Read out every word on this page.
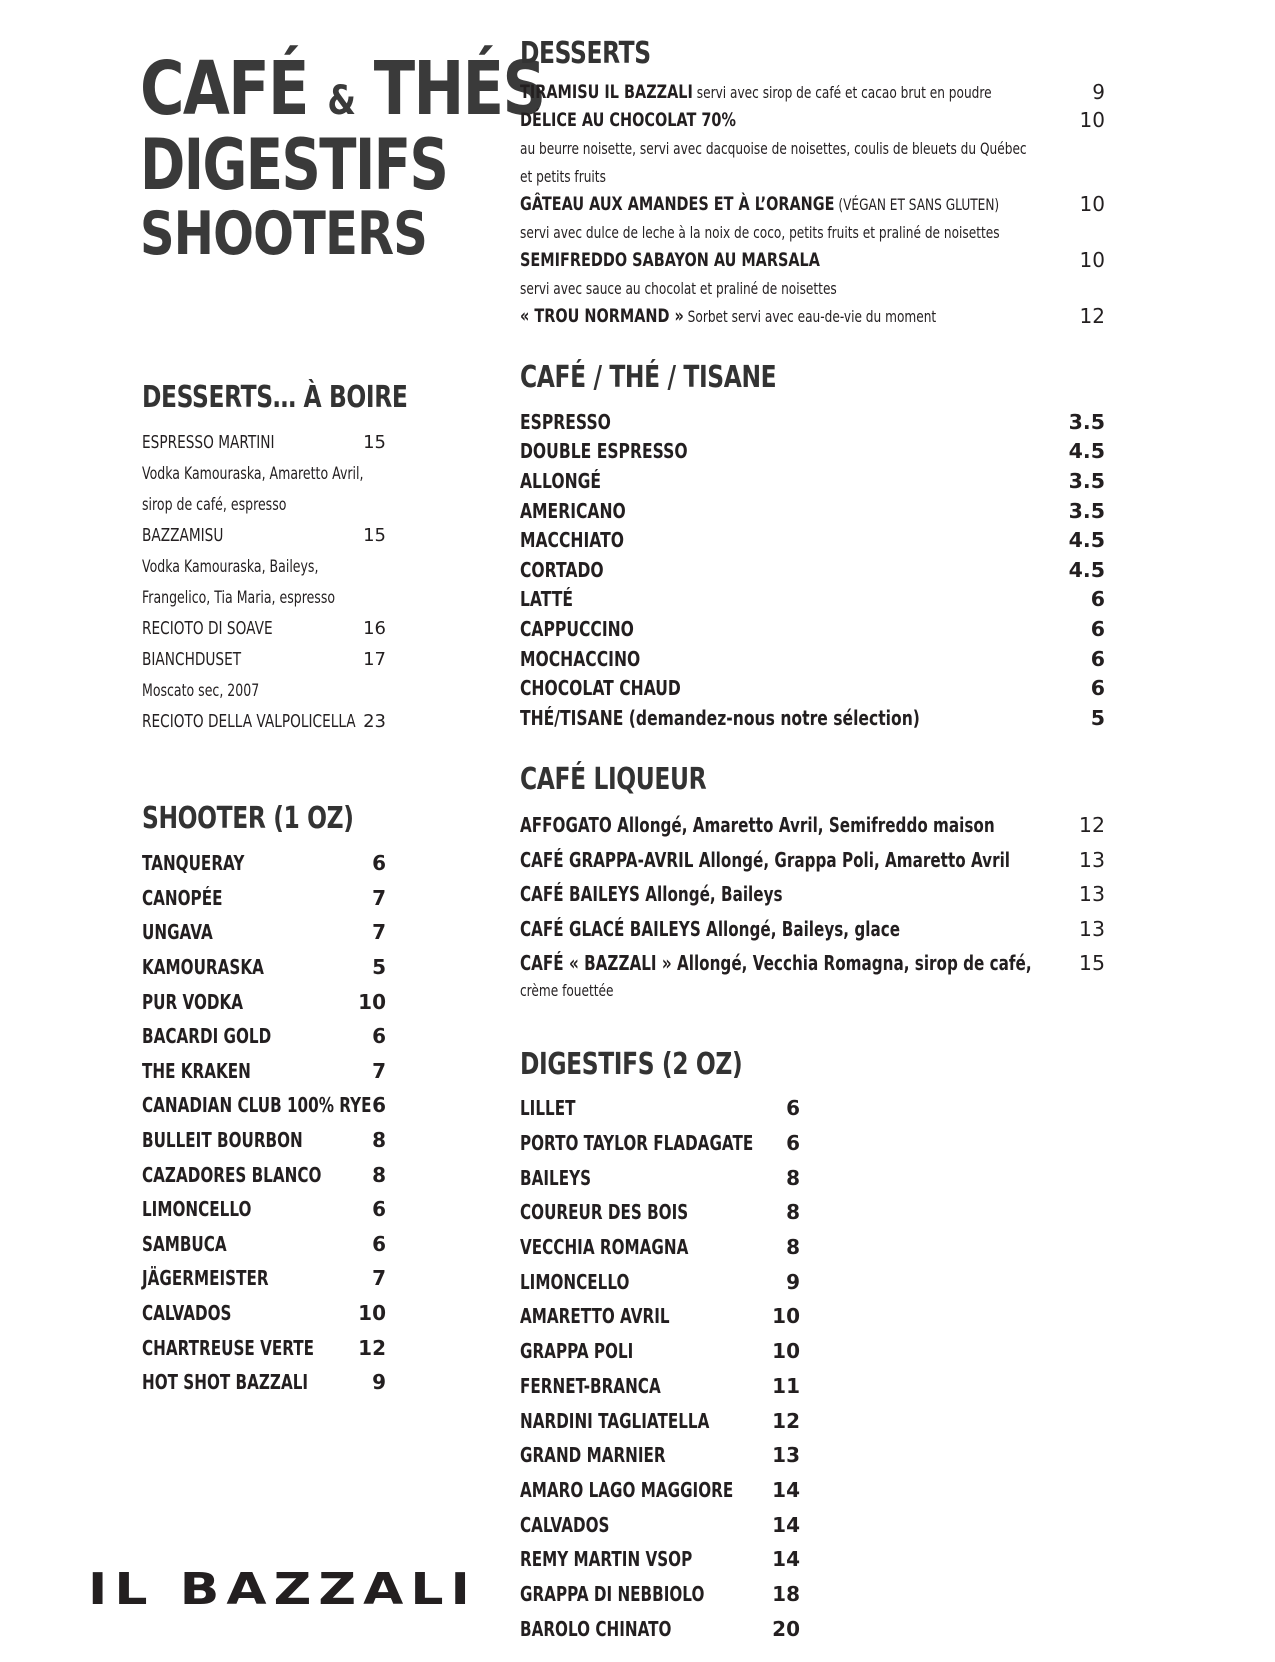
CAFÉ & THÉS
DIGESTIFS
SHOOTERS
DESSERTS… À BOIRE
ESPRESSO MARTINI	15
Vodka Kamouraska, Amaretto Avril,
sirop de café, espresso
BAZZAMISU	15
Vodka Kamouraska, Baileys,
Frangelico, Tia Maria, espresso
RECIOTO DI SOAVE	16
BIANCHDUSET	17
Moscato sec, 2007
RECIOTO DELLA VALPOLICELLA 23
SHOOTER (1 OZ)
TANQUERAY	6
CANOPÉE	7
UNGAVA	7
KAMOURASKA	5
PUR VODKA	10
BACARDI GOLD	6
THE KRAKEN	7
CANADIAN CLUB 100% RYE 6
BULLEIT BOURBON	8
CAZADORES BLANCO	8
LIMONCELLO	6
SAMBUCA	6
JÄGERMEISTER	7
CALVADOS	10
CHARTREUSE VERTE 12
HOT SHOT BAZZALI	9
DESSERTS
TIRAMISU IL BAZZALI servi avec sirop de café et cacao brut en poudre	9
DÉLICE AU CHOCOLAT 70%	10
au beurre noisette, servi avec dacquoise de noisettes, coulis de bleuets du Québec
et petits fruits
GÂTEAU AUX AMANDES ET À L’ORANGE (VÉGAN ET SANS GLUTEN)	10
servi avec dulce de leche à la noix de coco, petits fruits et praliné de noisettes
SEMIFREDDO SABAYON AU MARSALA	10
servi avec sauce au chocolat et praliné de noisettes
« TROU NORMAND » Sorbet servi avec eau-de-vie du moment	12
CAFÉ / THÉ / TISANE
ESPRESSO	3.5
DOUBLE ESPRESSO	4.5
ALLONGÉ	3.5
AMERICANO	3.5
MACCHIATO	4.5
CORTADO	4.5
LATTÉ	6
CAPPUCCINO	6
MOCHACCINO	6
CHOCOLAT CHAUD	6
THÉ/TISANE (demandez-nous notre sélection)	5
CAFÉ LIQUEUR
AFFOGATO Allongé, Amaretto Avril, Semifreddo maison	12
CAFÉ GRAPPA-AVRIL Allongé, Grappa Poli, Amaretto Avril	13
CAFÉ BAILEYS Allongé, Baileys	13
CAFÉ GLACÉ BAILEYS Allongé, Baileys, glace	13
CAFÉ « BAZZALI » Allongé, Vecchia Romagna, sirop de café, 15
crème fouettée
DIGESTIFS (2 OZ)
LILLET	6
PORTO TAYLOR FLADAGATE 6
BAILEYS	8
COUREUR DES BOIS	8
VECCHIA ROMAGNA	8
LIMONCELLO	9
AMARETTO AVRIL	10
GRAPPA POLI	10
FERNET-BRANCA	11
NARDINI TAGLIATELLA	12
GRAND MARNIER	13
AMARO LAGO MAGGIORE 14
CALVADOS	14
REMY MARTIN VSOP	14
GRAPPA DI NEBBIOLO	18
BAROLO CHINATO	20
IL BAZZALI
